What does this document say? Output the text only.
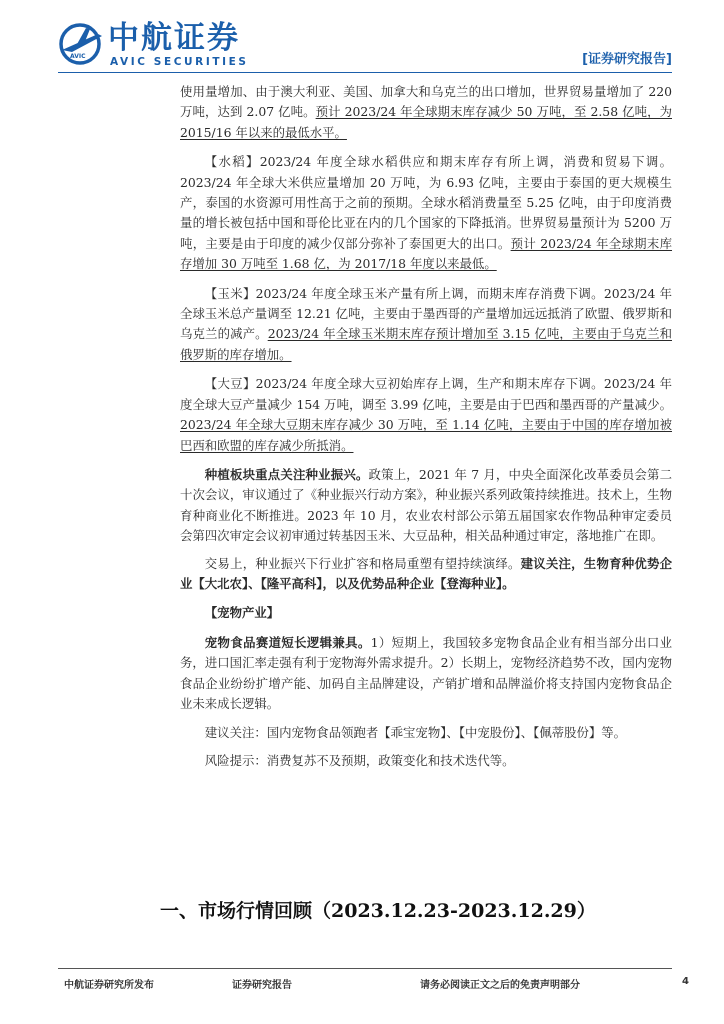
AVIC
中航证券
AVIC SECURITIES	[证券研究报告]

使用量增加、由于澳大利亚、美国、加拿大和乌克兰的出口增加，世界贸易量增加了 220 万吨，达到 2.07 亿吨。预计 2023/24 年全球期末库存减少 50 万吨，至 2.58 亿吨，为 2015/16 年以来的最低水平。

【水稻】2023/24 年度全球水稻供应和期末库存有所上调，消费和贸易下调。2023/24 年全球大米供应量增加 20 万吨，为 6.93 亿吨，主要由于泰国的更大规模生产，泰国的水资源可用性高于之前的预期。全球水稻消费量至 5.25 亿吨，由于印度消费量的增长被包括中国和哥伦比亚在内的几个国家的下降抵消。世界贸易量预计为 5200 万吨，主要是由于印度的减少仅部分弥补了泰国更大的出口。预计 2023/24 年全球期末库存增加 30 万吨至 1.68 亿，为 2017/18 年度以来最低。

【玉米】2023/24 年度全球玉米产量有所上调，而期末库存消费下调。2023/24 年全球玉米总产量调至 12.21 亿吨，主要由于墨西哥的产量增加远远抵消了欧盟、俄罗斯和乌克兰的减产。2023/24 年全球玉米期末库存预计增加至 3.15 亿吨，主要由于乌克兰和俄罗斯的库存增加。

【大豆】2023/24 年度全球大豆初始库存上调，生产和期末库存下调。2023/24 年度全球大豆产量减少 154 万吨，调至 3.99 亿吨，主要是由于巴西和墨西哥的产量减少。2023/24 年全球大豆期末库存减少 30 万吨，至 1.14 亿吨，主要由于中国的库存增加被巴西和欧盟的库存减少所抵消。

种植板块重点关注种业振兴。政策上，2021 年 7 月，中央全面深化改革委员会第二十次会议，审议通过了《种业振兴行动方案》，种业振兴系列政策持续推进。技术上，生物育种商业化不断推进。2023 年 10 月，农业农村部公示第五届国家农作物品种审定委员会第四次审定会议初审通过转基因玉米、大豆品种，相关品种通过审定，落地推广在即。

交易上，种业振兴下行业扩容和格局重塑有望持续演绎。建议关注，生物育种优势企业【大北农】、【隆平高科】，以及优势品种企业【登海种业】。

【宠物产业】

宠物食品赛道短长逻辑兼具。1）短期上，我国较多宠物食品企业有相当部分出口业务，进口国汇率走强有利于宠物海外需求提升。2）长期上，宠物经济趋势不改，国内宠物食品企业纷纷扩增产能、加码自主品牌建设，产销扩增和品牌溢价将支持国内宠物食品企业未来成长逻辑。

建议关注：国内宠物食品领跑者【乖宝宠物】、【中宠股份】、【佩蒂股份】等。

风险提示：消费复苏不及预期，政策变化和技术迭代等。

一、市场行情回顾（2023.12.23-2023.12.29）
中航证券研究所发布	证券研究报告	请务必阅读正文之后的免责声明部分	4
